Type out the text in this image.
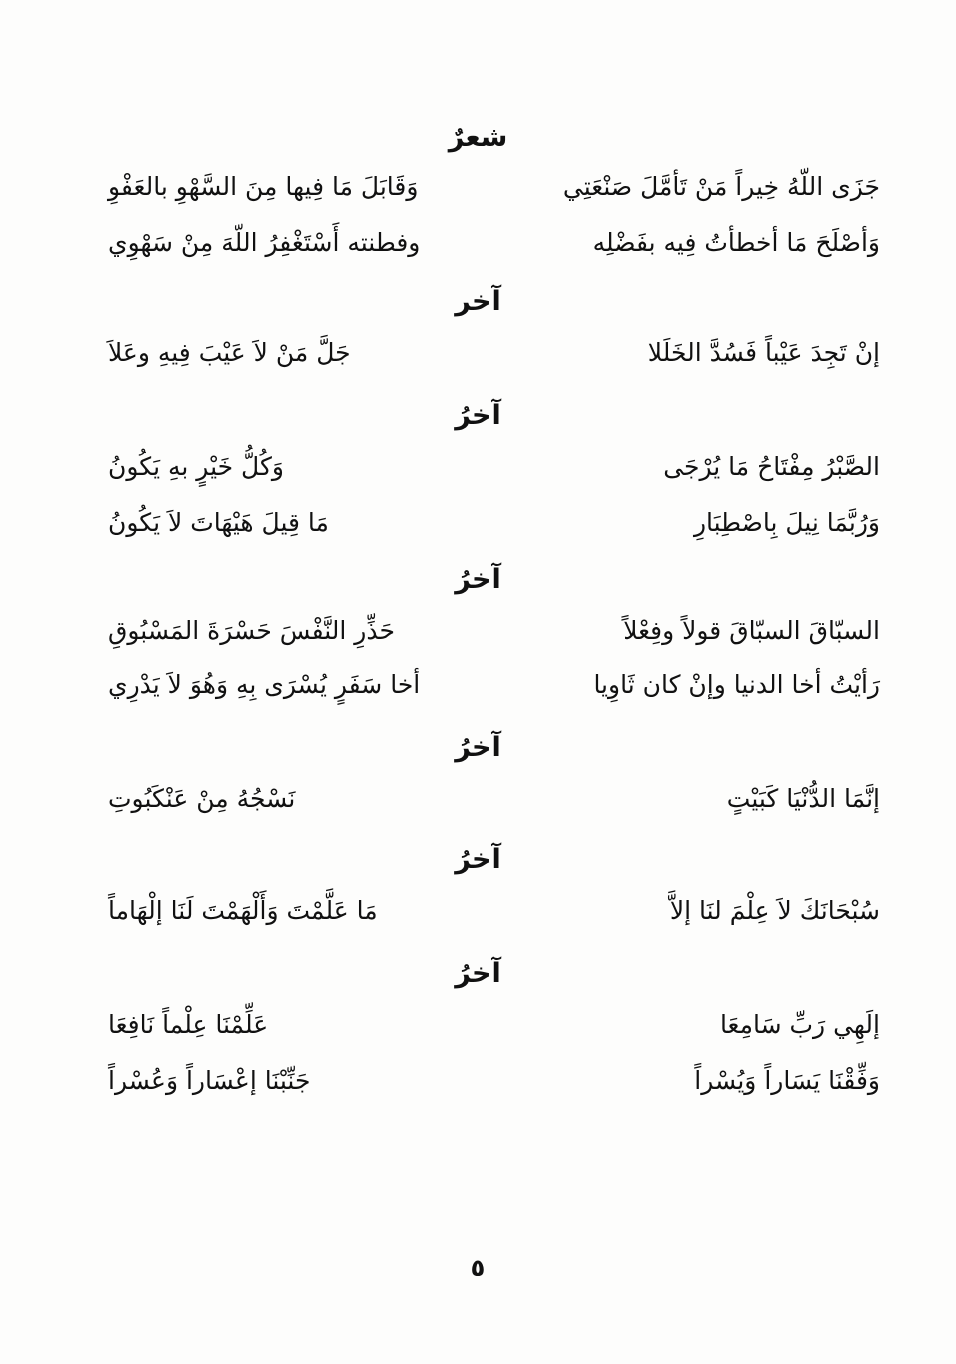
شعرٌ
جَزَى اللّهُ خِيراً مَنْ تَأمَّلَ صَنْعَتِي
وَقَابَلَ مَا فِيها مِنَ السَّهْوِ بالعَفْوِ
وَأصْلَحَ مَا أخطأتُ فِيه بفَضْلِه
وفطنته أَسْتَغْفِرُ اللّهَ مِنْ سَهْوِي
آخر
إنْ تَجِدَ عَيْباً فَسُدَّ الخَلَلا
جَلَّ مَنْ لاَ عَيْبَ فِيهِ وعَلاَ
آخرُ
الصَّبْرُ مِفْتَاحُ مَا يُرْجَى
وَكُلُّ خَيْرٍ بهِ يَكُونُ
وَرُبَّمَا نِيلَ بِاصْطِبَارِ
مَا قِيلَ هَيْهَاتَ لاَ يَكُونُ
آخرُ
السبّاقَ السبّاقَ قولاً وفِعْلاً
حَذِّرِ النَّفْسَ حَسْرَةَ المَسْبُوقِ
رَأيْتُ أخا الدنيا وإنْ كان ثَاوِيا
أخا سَفَرٍ يُسْرَى بِهِ وَهُوَ لاَ يَدْرِي
آخرُ
إنَّمَا الدُّنْيَا كَبَيْتٍ
نَسْجُهُ مِنْ عَنْكَبُوتِ
آخرُ
سُبْحَانَكَ لاَ عِلْمَ لنَا إلاَّ
مَا عَلَّمْتَ وَأَلْهَمْتَ لَنَا إلْهَاماً
آخرُ
إلَهِي رَبِّ سَامِعَا
عَلِّمْنَا عِلْماً نَافِعَا
وَفِّقْنَا يَسَاراً وَيُسْراً
جَنِّبْنَا إعْسَاراً وَعُسْراً
٥
